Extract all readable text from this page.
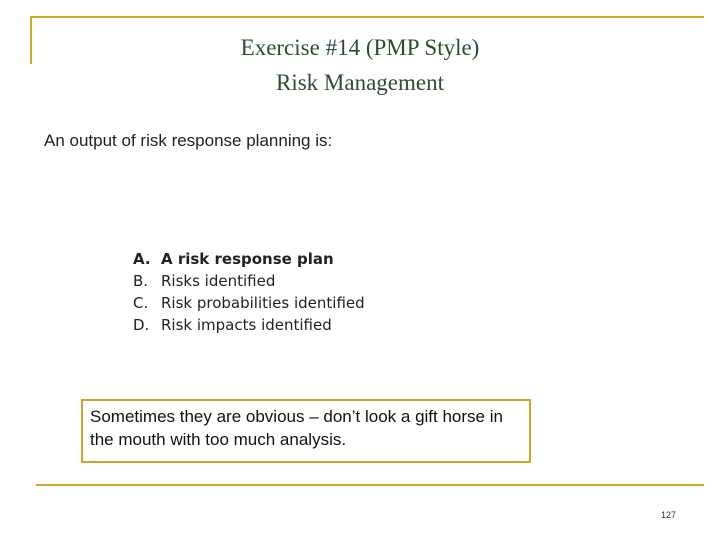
Exercise #14 (PMP Style)
Risk Management
An output of risk response planning is:
A. A risk response plan
B. Risks identified
C. Risk probabilities identified
D. Risk impacts identified
Sometimes they are obvious – don’t look a gift horse in the mouth with too much analysis.
127
